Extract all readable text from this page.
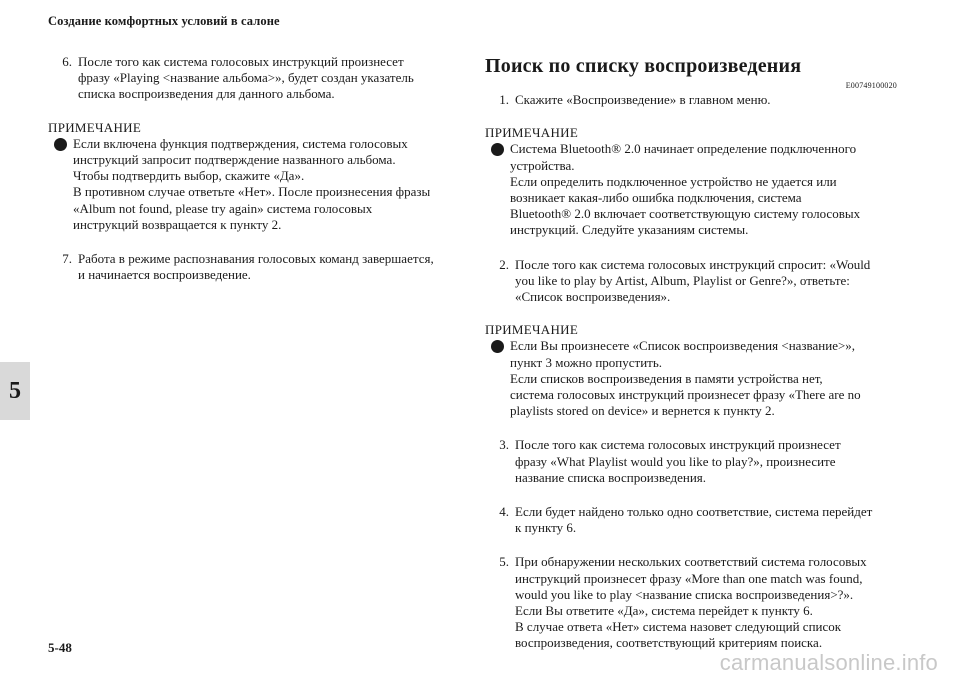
Создание комфортных условий в салоне
6. После того как система голосовых инструкций произнесет
фразу «Playing <название альбома>», будет создан указатель
списка воспроизведения для данного альбома.
ПРИМЕЧАНИЕ

Если включена функция подтверждения, система голосовых

инструкций запросит подтверждение названного альбома.

Чтобы подтвердить выбор, скажите «Да».

В противном случае ответьте «Нет». После произнесения фразы

«Album not found, please try again» система голосовых

инструкций возвращается к пункту 2.

7. Работа в режиме распознавания голосовых команд завершается,
и начинается воспроизведение.
Поиск по списку воспроизведения
E00749100020
1. Скажите «Воспроизведение» в главном меню.
ПРИМЕЧАНИЕ

Система Bluetooth® 2.0 начинает определение подключенного

устройства.

Если определить подключенное устройство не удается или

возникает какая-либо ошибка подключения, система

Bluetooth® 2.0 включает соответствующую систему голосовых

инструкций. Следуйте указаниям системы.

2. После того как система голосовых инструкций спросит: «Would
you like to play by Artist, Album, Playlist or Genre?», ответьте:
«Список воспроизведения».
ПРИМЕЧАНИЕ

Если Вы произнесете «Список воспроизведения <название>»,

пункт 3 можно пропустить.

Если списков воспроизведения в памяти устройства нет,

система голосовых инструкций произнесет фразу «There are no

playlists stored on device» и вернется к пункту 2.

3. После того как система голосовых инструкций произнесет
фразу «What Playlist would you like to play?», произнесите
название списка воспроизведения.
4. Если будет найдено только одно соответствие, система перейдет
к пункту 6.
5. При обнаружении нескольких соответствий система голосовых
инструкций произнесет фразу «More than one match was found,
would you like to play <название списка воспроизведения>?».
Если Вы ответите «Да», система перейдет к пункту 6.
В случае ответа «Нет» система назовет следующий список
воспроизведения, соответствующий критериям поиска.
5
5-48
carmanualsonline.info
